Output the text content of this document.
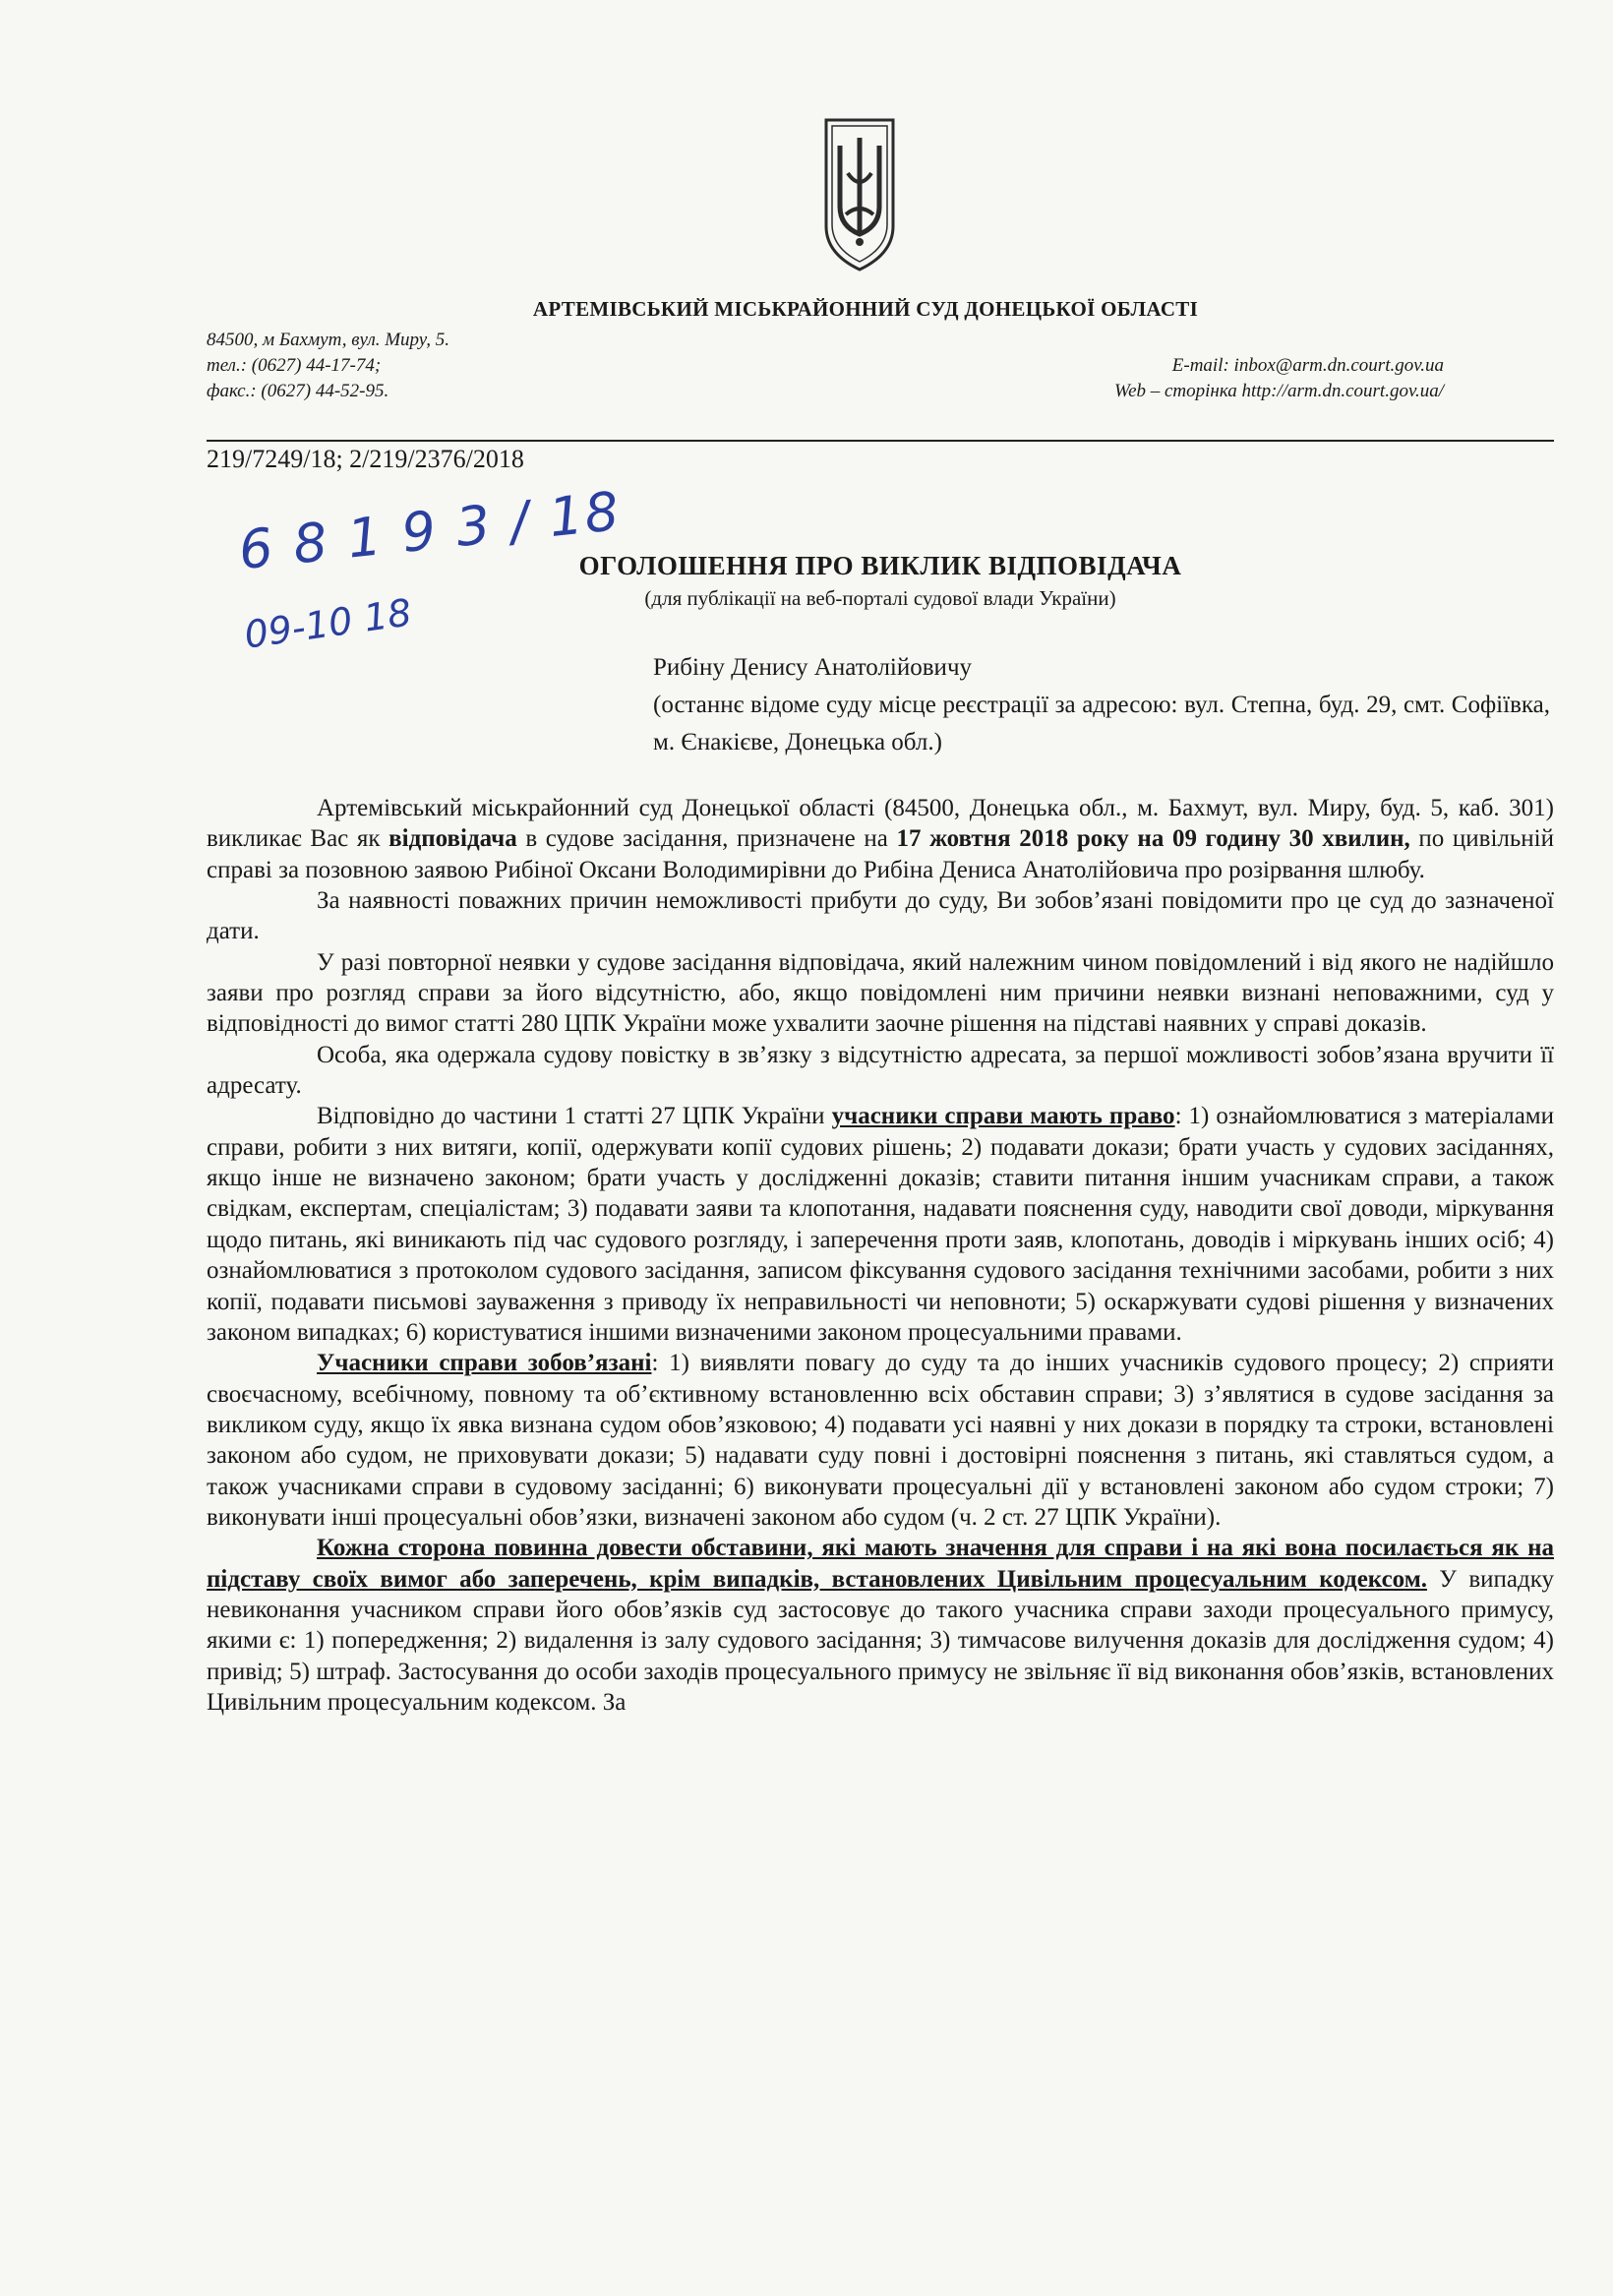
АРТЕМІВСЬКИЙ МІСЬКРАЙОННИЙ СУД ДОНЕЦЬКОЇ ОБЛАСТІ
84500, м Бахмут, вул. Миру, 5.
тел.: (0627) 44-17-74;
факс.: (0627) 44-52-95.
E-mail: inbox@arm.dn.court.gov.ua
Web – сторінка http://arm.dn.court.gov.ua/
219/7249/18; 2/219/2376/2018
6 8 1 9 3 / 18
09-10 18
ОГОЛОШЕННЯ ПРО ВИКЛИК ВІДПОВІДАЧА
(для публікації на веб-порталі судової влади України)
Рибіну Денису Анатолійовичу
(останнє відоме суду місце реєстрації за адресою: вул. Степна, буд. 29, смт. Софіївка, м. Єнакієве, Донецька обл.)

Артемівський міськрайонний суд Донецької області (84500, Донецька обл., м. Бахмут, вул. Миру, буд. 5, каб. 301) викликає Вас як відповідача в судове засідання, призначене на 17 жовтня 2018 року на 09 годину 30 хвилин, по цивільній справі за позовною заявою Рибіної Оксани Володимирівни до Рибіна Дениса Анатолійовича про розірвання шлюбу.

За наявності поважних причин неможливості прибути до суду, Ви зобов’язані повідомити про це суд до зазначеної дати.

У разі повторної неявки у судове засідання відповідача, який належним чином повідомлений і від якого не надійшло заяви про розгляд справи за його відсутністю, або, якщо повідомлені ним причини неявки визнані неповажними, суд у відповідності до вимог статті 280 ЦПК України може ухвалити заочне рішення на підставі наявних у справі доказів.

Особа, яка одержала судову повістку в зв’язку з відсутністю адресата, за першої можливості зобов’язана вручити її адресату.

Відповідно до частини 1 статті 27 ЦПК України учасники справи мають право: 1) ознайомлюватися з матеріалами справи, робити з них витяги, копії, одержувати копії судових рішень; 2) подавати докази; брати участь у судових засіданнях, якщо інше не визначено законом; брати участь у дослідженні доказів; ставити питання іншим учасникам справи, а також свідкам, експертам, спеціалістам; 3) подавати заяви та клопотання, надавати пояснення суду, наводити свої доводи, міркування щодо питань, які виникають під час судового розгляду, і заперечення проти заяв, клопотань, доводів і міркувань інших осіб; 4) ознайомлюватися з протоколом судового засідання, записом фіксування судового засідання технічними засобами, робити з них копії, подавати письмові зауваження з приводу їх неправильності чи неповноти; 5) оскаржувати судові рішення у визначених законом випадках; 6) користуватися іншими визначеними законом процесуальними правами.

Учасники справи зобов’язані: 1) виявляти повагу до суду та до інших учасників судового процесу; 2) сприяти своєчасному, всебічному, повному та об’єктивному встановленню всіх обставин справи; 3) з’являтися в судове засідання за викликом суду, якщо їх явка визнана судом обов’язковою; 4) подавати усі наявні у них докази в порядку та строки, встановлені законом або судом, не приховувати докази; 5) надавати суду повні і достовірні пояснення з питань, які ставляться судом, а також учасниками справи в судовому засіданні; 6) виконувати процесуальні дії у встановлені законом або судом строки; 7) виконувати інші процесуальні обов’язки, визначені законом або судом (ч. 2 ст. 27 ЦПК України).

Кожна сторона повинна довести обставини, які мають значення для справи і на які вона посилається як на підставу своїх вимог або заперечень, крім випадків, встановлених Цивільним процесуальним кодексом. У випадку невиконання учасником справи його обов’язків суд застосовує до такого учасника справи заходи процесуального примусу, якими є: 1) попередження; 2) видалення із залу судового засідання; 3) тимчасове вилучення доказів для дослідження судом; 4) привід; 5) штраф. Застосування до особи заходів процесуального примусу не звільняє її від виконання обов’язків, встановлених Цивільним процесуальним кодексом. За
